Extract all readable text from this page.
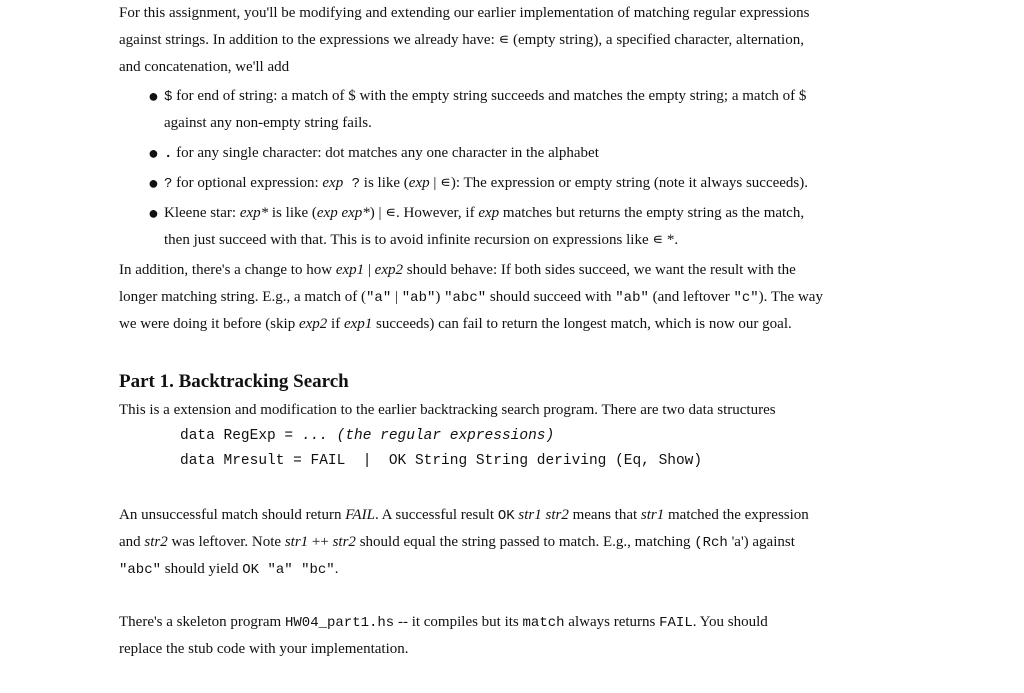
For this assignment, you'll be modifying and extending our earlier implementation of matching regular expressions
against strings. In addition to the expressions we already have: ∊ (empty string), a specified character, alternation,
and concatenation, we'll add
● $ for end of string: a match of $ with the empty string succeeds and matches the empty string; a match of $
against any non-empty string fails.
● . for any single character: dot matches any one character in the alphabet
● ? for optional expression: exp ? is like (exp | ∊): The expression or empty string (note it always succeeds).
● Kleene star: exp* is like (exp exp*) | ∊. However, if exp matches but returns the empty string as the match,
then just succeed with that. This is to avoid infinite recursion on expressions like ∊ *.
In addition, there's a change to how exp1 | exp2 should behave: If both sides succeed, we want the result with the
longer matching string. E.g., a match of ("a" | "ab") "abc" should succeed with "ab" (and leftover "c"). The way
we were doing it before (skip exp2 if exp1 succeeds) can fail to return the longest match, which is now our goal.
Part 1. Backtracking Search
This is a extension and modification to the earlier backtracking search program. There are two data structures
data RegExp = ... (the regular expressions)
data Mresult = FAIL  |  OK String String deriving (Eq, Show)
An unsuccessful match should return FAIL. A successful result OK str1 str2 means that str1 matched the expression
and str2 was leftover. Note str1 ++ str2 should equal the string passed to match. E.g., matching (Rch 'a') against
"abc" should yield OK "a" "bc".
There's a skeleton program HW04_part1.hs -- it compiles but its match always returns FAIL. You should
replace the stub code with your implementation.
